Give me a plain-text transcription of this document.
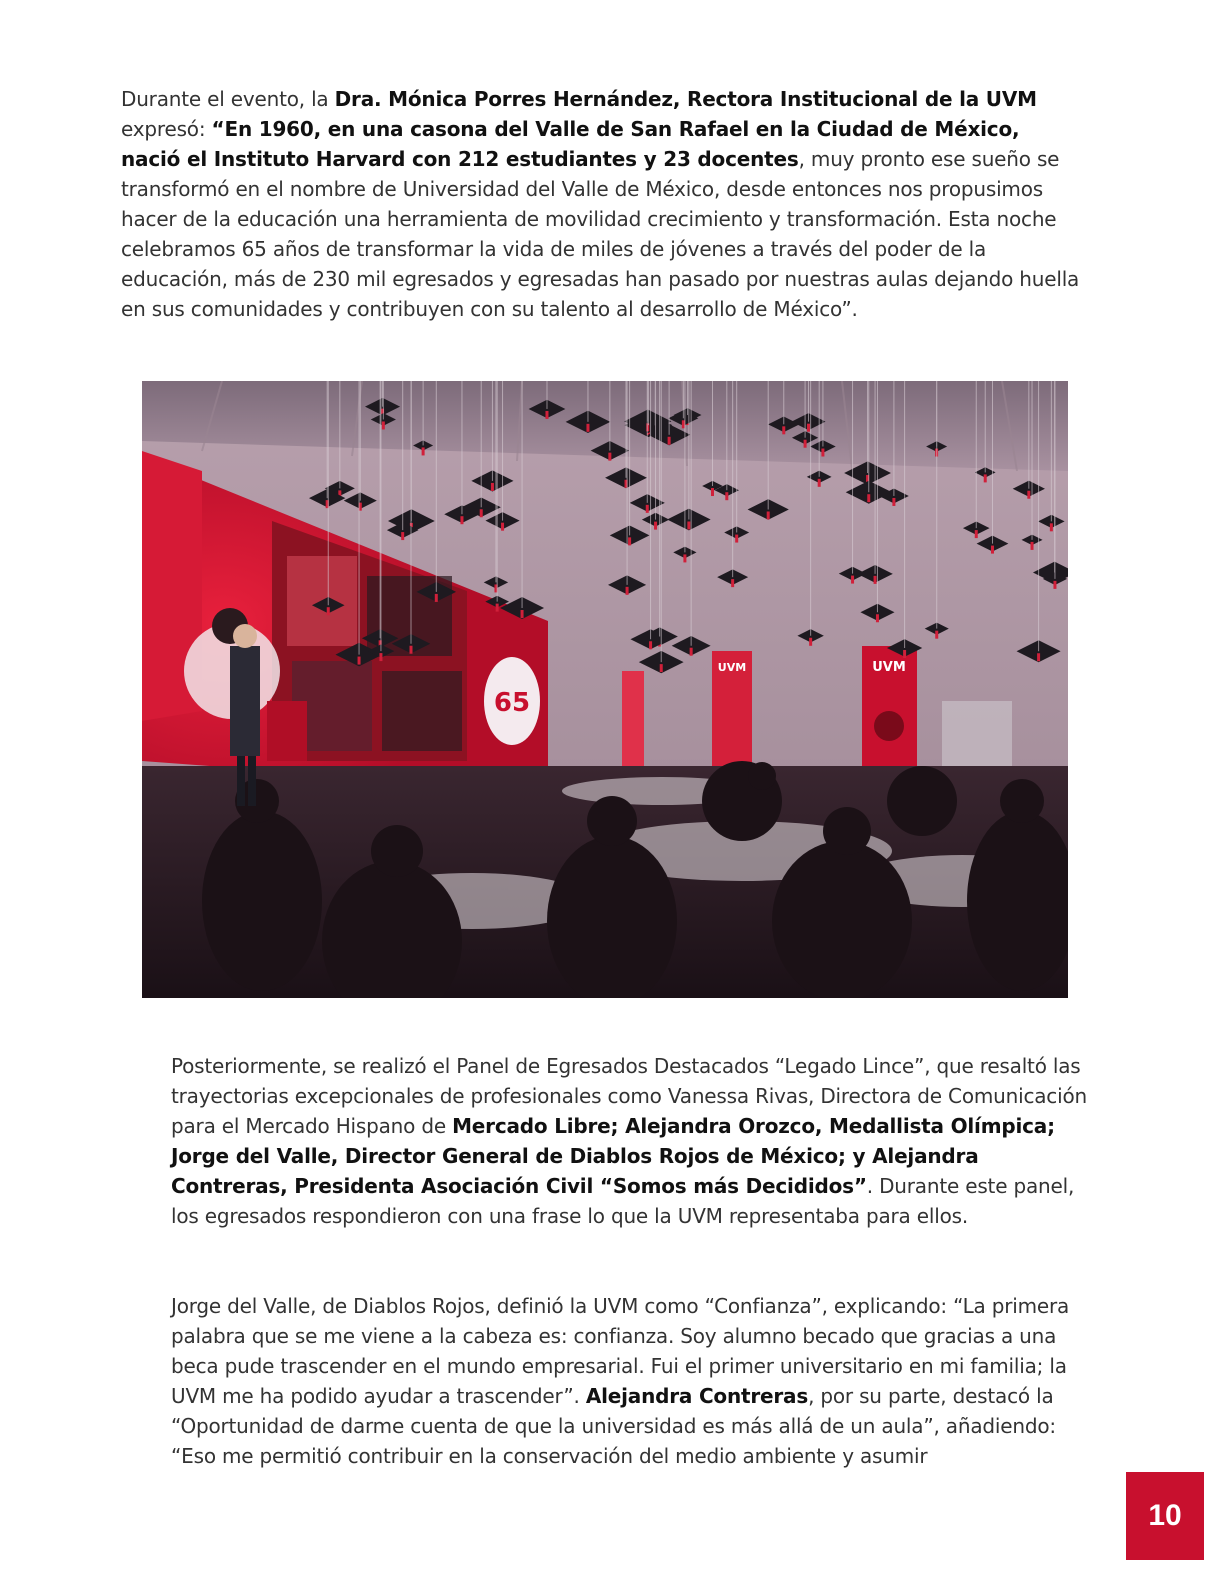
Durante el evento, la Dra. Mónica Porres Hernández, Rectora Institucional de la UVM expresó: “En 1960, en una casona del Valle de San Rafael en la Ciudad de México, nació el Instituto Harvard con 212 estudiantes y 23 docentes, muy pronto ese sueño se transformó en el nombre de Universidad del Valle de México, desde entonces nos propusimos hacer de la educación una herramienta de movilidad crecimiento y transformación. Esta noche celebramos 65 años de transformar la vida de miles de jóvenes a través del poder de la educación, más de 230 mil egresados y egresadas han pasado por nuestras aulas dejando huella en sus comunidades y contribuyen con su talento al desarrollo de México”.

65
UVM	UVM

Posteriormente, se realizó el Panel de Egresados Destacados “Legado Lince”, que resaltó las trayectorias excepcionales de profesionales como Vanessa Rivas, Directora de Comunicación para el Mercado Hispano de Mercado Libre; Alejandra Orozco, Medallista Olímpica; Jorge del Valle, Director General de Diablos Rojos de México; y Alejandra Contreras, Presidenta Asociación Civil “Somos más Decididos”. Durante este panel, los egresados respondieron con una frase lo que la UVM representaba para ellos.

Jorge del Valle, de Diablos Rojos, definió la UVM como “Confianza”, explicando: “La primera palabra que se me viene a la cabeza es: confianza. Soy alumno becado que gracias a una beca pude trascender en el mundo empresarial. Fui el primer universitario en mi familia; la UVM me ha podido ayudar a trascender”. Alejandra Contreras, por su parte, destacó la “Oportunidad de darme cuenta de que la universidad es más allá de un aula”, añadiendo: “Eso me permitió contribuir en la conservación del medio ambiente y asumir

10
